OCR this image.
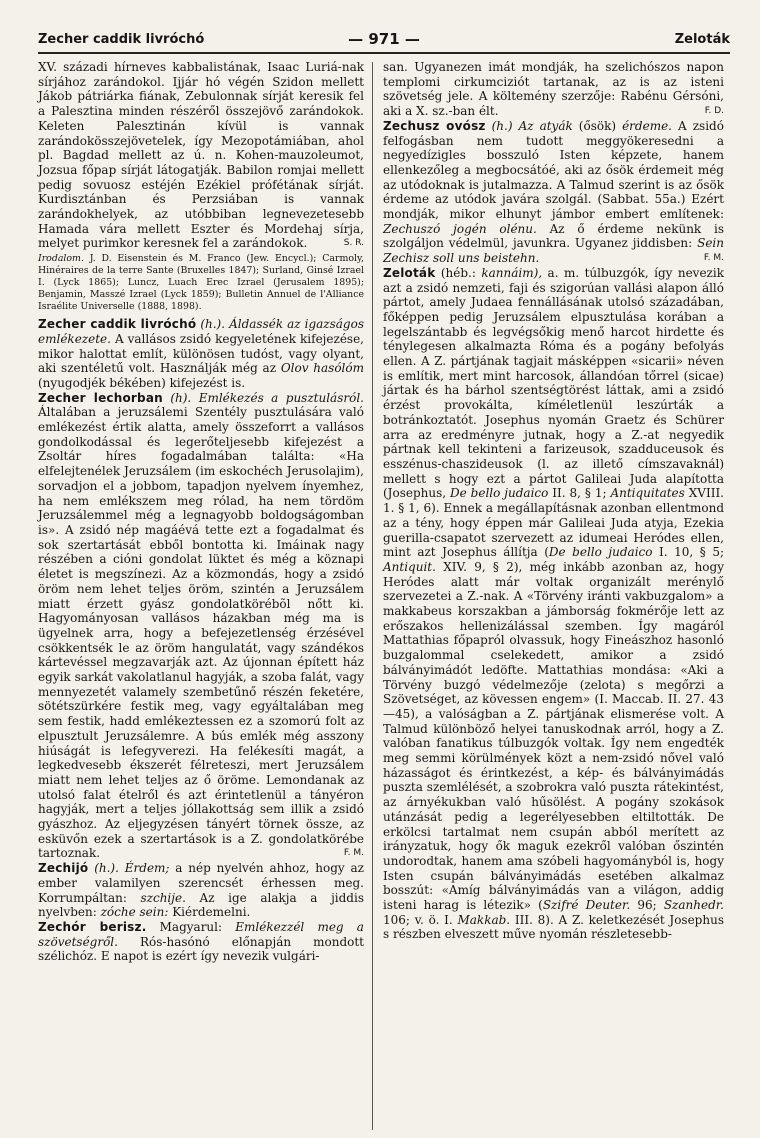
Zecher caddik livróchó	— 971 —	Zeloták

XV. századi hírneves kabbalistának, Isaac Luriá-nak sírjához zarándokol. Ijjár hó végén Szidon mellett Jákob pátriárka fiának, Zebulonnak sírját keresik fel a Palesztina minden részéről összejövő zarándokok. Keleten Palesztinán kívül is vannak zarándokösszejövetelek, így Mezopotámiában, ahol pl. Bagdad mellett az ú. n. Kohen-mauzoleumot, Jozsua főpap sírját látogatják. Babilon romjai mellett pedig sovuosz estéjén Ezékiel prófétának sírját. Kurdisztánban és Perzsiában is vannak zarándokhelyek, az utóbbiban legnevezetesebb Hamada vára mellett Eszter és Mordehaj sírja, melyet purimkor keresnek fel a zarándokok.	S. R.

Irodalom. J. D. Eisenstein és M. Franco (Jew. Encycl.); Carmoly, Hinéraires de la terre Sante (Bruxelles 1847); Surland, Ginsé Izrael I. (Lyck 1865); Luncz, Luach Erec Izrael (Jerusalem 1895); Benjamin, Masszé Izrael (Lyck 1859); Bulletin Annuel de l'Alliance Israélite Universelle (1888, 1898).

Zecher caddik livróchó (h.). Áldassék az igazságos emlékezete. A vallásos zsidó kegyeletének kifejezése, mikor halottat említ, különösen tudóst, vagy olyant, aki szentéletű volt. Használják még az Olov hasólóm (nyugodjék békében) kifejezést is.

Zecher lechorban (h). Emlékezés a pusztulásról. Általában a jeruzsálemi Szentély pusztulására való emlékezést értik alatta, amely összeforrt a vallásos gondolkodással és legerőteljesebb kifejezést a Zsoltár híres fogadalmában találta: «Ha elfelejtenélek Jeruzsálem (im eskochéch Jerusolajim), sorvadjon el a jobbom, tapadjon nyelvem ínyemhez, ha nem emlékszem meg rólad, ha nem tördöm Jeruzsálemmel még a legnagyobb boldogságomban is». A zsidó nép magáévá tette ezt a fogadalmat és sok szertartását ebből bontotta ki. Imáinak nagy részében a cióni gondolat lüktet és még a köznapi életet is megszínezi. Az a közmondás, hogy a zsidó öröm nem lehet teljes öröm, szintén a Jeruzsálem miatt érzett gyász gondolatkörébõl nőtt ki. Hagyományosan vallásos házakban még ma is ügyelnek arra, hogy a befejezetlenség érzésével csökkentsék le az öröm hangulatát, vagy szándékos kártevéssel megzavarják azt. Az újonnan épített ház egyik sarkát vakolatlanul hagyják, a szoba falát, vagy mennyezetét valamely szembetűnő részén feketére, sötétszürkére festik meg, vagy egyáltalában meg sem festik, hadd emlékeztessen ez a szomorú folt az elpusztult Jeruzsálemre. A bús emlék még asszony hiúságát is lefegyverezi. Ha felékesíti magát, a legkedvesebb ékszerét félreteszi, mert Jeruzsálem miatt nem lehet teljes az ő öröme. Lemondanak az utolsó falat ételről és azt érintetlenül a tányéron hagyják, mert a teljes jóllakottság sem illik a zsidó gyászhoz. Az eljegyzésen tányért törnek össze, az esküvőn ezek a szertartások is a Z. gondolatkörébe tartoznak.	F. M.

Zechijó (h.). Érdem; a nép nyelvén ahhoz, hogy az ember valamilyen szerencsét érhessen meg. Korrumpáltan: szchije. Az ige alakja a jiddis nyelvben: zóche sein: Kiérdemelni.

Zechór berisz. Magyarul: Emlékezzél meg a szövetségről. Rós-hasónó előnapján mondott szélichóz. E napot is ezért így nevezik vulgári-

san. Ugyanezen imát mondják, ha szelichószos napon templomi cirkumciziót tartanak, az is az isteni szövetség jele. A költemény szerzője: Rabénu Gérsóni, aki a X. sz.-ban élt.	F. D.

Zechusz ovósz (h.) Az atyák (ősök) érdeme. A zsidó felfogásban nem tudott meggyökeresedni a negyedízigles bosszuló Isten képzete, hanem ellenkezőleg a megbocsátóé, aki az ősök érdemeit még az utódoknak is jutalmazza. A Talmud szerint is az ősök érdeme az utódok javára szolgál. (Sabbat. 55a.) Ezért mondják, mikor elhunyt jámbor embert említenek: Zechuszó jogén olénu. Az ő érdeme nekünk is szolgáljon védelmül, javunkra. Ugyanez jiddisben: Sein Zechisz soll uns beistehn.	F. M.

Zeloták (héb.: kannáim), a. m. túlbuzgók, így nevezik azt a zsidó nemzeti, faji és szigorúan vallási alapon álló pártot, amely Judaea fennállásának utolsó századában, főképpen pedig Jeruzsálem elpusztulása korában a legelszántabb és legvégsőkig menő harcot hirdette és ténylegesen alkalmazta Róma és a pogány befolyás ellen. A Z. pártjának tagjait másképpen «sicarii» néven is említik, mert mint harcosok, állandóan tőrrel (sicae) jártak és ha bárhol szentségtörést láttak, ami a zsidó érzést provokálta, kíméletlenül leszúrták a botránkoztatót. Josephus nyomán Graetz és Schürer arra az eredményre jutnak, hogy a Z.-at negyedik pártnak kell tekinteni a farizeusok, szadduceusok és esszénus-chaszideusok (l. az illető címszavaknál) mellett s hogy ezt a pártot Galileai Juda alapította (Josephus, De bello judaico II. 8, § 1; Antiquitates XVIII. 1. § 1, 6). Ennek a megállapításnak azonban ellentmond az a tény, hogy éppen már Galileai Juda atyja, Ezekia guerilla-csapatot szervezett az idumeai Heródes ellen, mint azt Josephus állítja (De bello judaico I. 10, § 5; Antiquit. XIV. 9, § 2), még inkább azonban az, hogy Heródes alatt már voltak organizált merénylő szervezetei a Z.-nak. A «Törvény iránti vakbuzgalom» a makkabeus korszakban a jámborság fokmérője lett az erőszakos hellenizálással szemben. Így magáról Mattathias főpapról olvassuk, hogy Fineászhoz hasonló buzgalommal cselekedett, amikor a zsidó bálványimádót ledöfte. Mattathias mondása: «Aki a Törvény buzgó védelmezője (zelota) s megőrzi a Szövetséget, az kövessen engem» (I. Maccab. II. 27. 43—45), a valóságban a Z. pártjának elismerése volt. A Talmud különböző helyei tanuskodnak arról, hogy a Z. valóban fanatikus túlbuzgók voltak. Így nem engedték meg semmi körülmények közt a nem-zsidó nővel való házasságot és érintkezést, a kép- és bálványimádás puszta szemlélését, a szobrokra való puszta rátekintést, az árnyékukban való hűsölést. A pogány szokások utánzását pedig a legerélyesebben eltiltották. De erkölcsi tartalmat nem csupán abból merített az irányzatuk, hogy ők maguk ezekről valóban őszintén undorodtak, hanem ama szóbeli hagyományból is, hogy Isten csupán bálványimádás esetében alkalmaz bosszút: «Amíg bálványimádás van a világon, addig isteni harag is létezik» (Szifré Deuter. 96; Szanhedr. 106; v. ö. I. Makkab. III. 8). A Z. keletkezését Josephus s részben elveszett műve nyomán részletesebb-
